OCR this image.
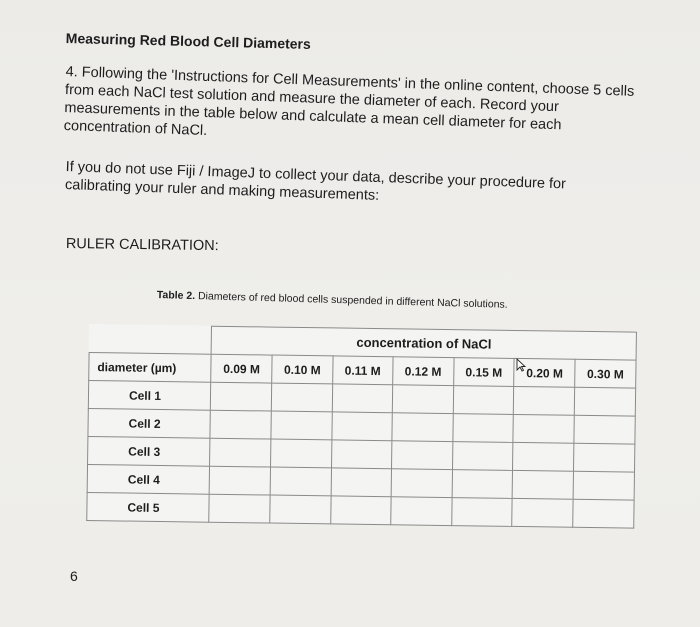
Measuring Red Blood Cell Diameters
4. Following the 'Instructions for Cell Measurements' in the online content, choose 5 cells from each NaCl test solution and measure the diameter of each. Record your measurements in the table below and calculate a mean cell diameter for each concentration of NaCl.
If you do not use Fiji / ImageJ to collect your data, describe your procedure for calibrating your ruler and making measurements:
RULER CALIBRATION:
Table 2. Diameters of red blood cells suspended in different NaCl solutions.
	concentration of NaCl						
diameter (µm)	0.09 M	0.10 M	0.11 M	0.12 M	0.15 M	0.20 M	0.30 M
Cell 1							
Cell 2							
Cell 3							
Cell 4							
Cell 5							
6
